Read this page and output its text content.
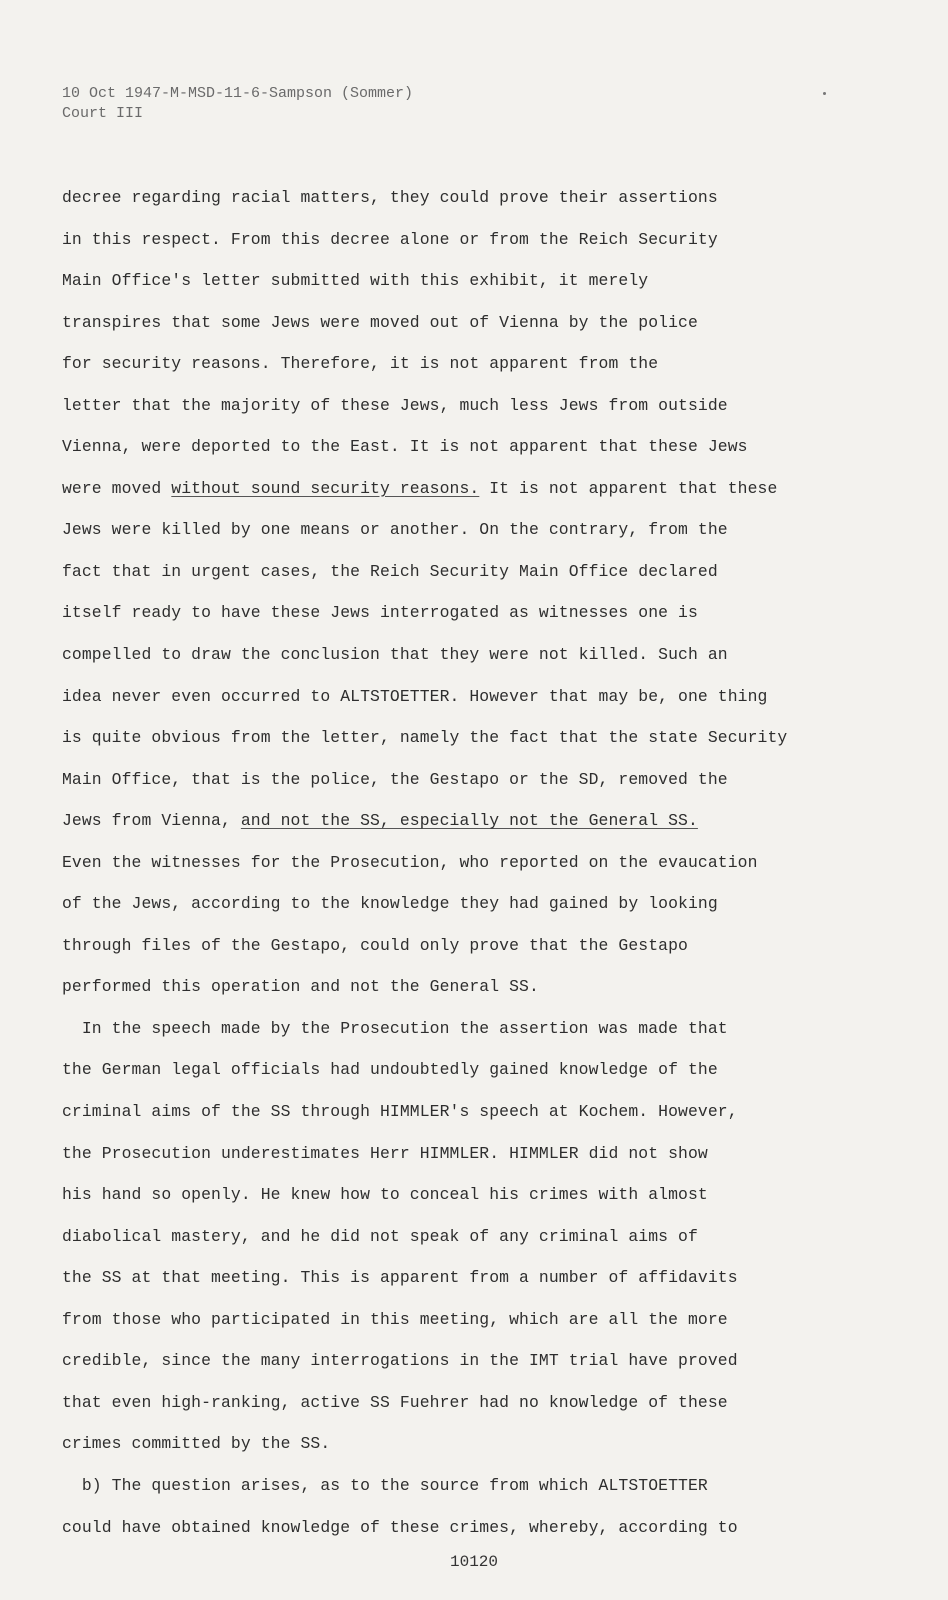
10 Oct 1947-M-MSD-11-6-Sampson (Sommer)
Court III
decree regarding racial matters, they could prove their assertions
in this respect. From this decree alone or from the Reich Security
Main Office's letter submitted with this exhibit, it merely
transpires that some Jews were moved out of Vienna by the police
for security reasons. Therefore, it is not apparent from the
letter that the majority of these Jews, much less Jews from outside
Vienna, were deported to the East. It is not apparent that these Jews
were moved without sound security reasons. It is not apparent that these
Jews were killed by one means or another. On the contrary, from the
fact that in urgent cases, the Reich Security Main Office declared
itself ready to have these Jews interrogated as witnesses one is
compelled to draw the conclusion that they were not killed. Such an
idea never even occurred to ALTSTOETTER. However that may be, one thing
is quite obvious from the letter, namely the fact that the state Security
Main Office, that is the police, the Gestapo or the SD, removed the
Jews from Vienna, and not the SS, especially not the General SS.
Even the witnesses for the Prosecution, who reported on the evaucation
of the Jews, according to the knowledge they had gained by looking
through files of the Gestapo, could only prove that the Gestapo
performed this operation and not the General SS.
In the speech made by the Prosecution the assertion was made that
the German legal officials had undoubtedly gained knowledge of the
criminal aims of the SS through HIMMLER's speech at Kochem. However,
the Prosecution underestimates Herr HIMMLER. HIMMLER did not show
his hand so openly. He knew how to conceal his crimes with almost
diabolical mastery, and he did not speak of any criminal aims of
the SS at that meeting. This is apparent from a number of affidavits
from those who participated in this meeting, which are all the more
credible, since the many interrogations in the IMT trial have proved
that even high-ranking, active SS Fuehrer had no knowledge of these
crimes committed by the SS.
b) The question arises, as to the source from which ALTSTOETTER
could have obtained knowledge of these crimes, whereby, according to
10120
